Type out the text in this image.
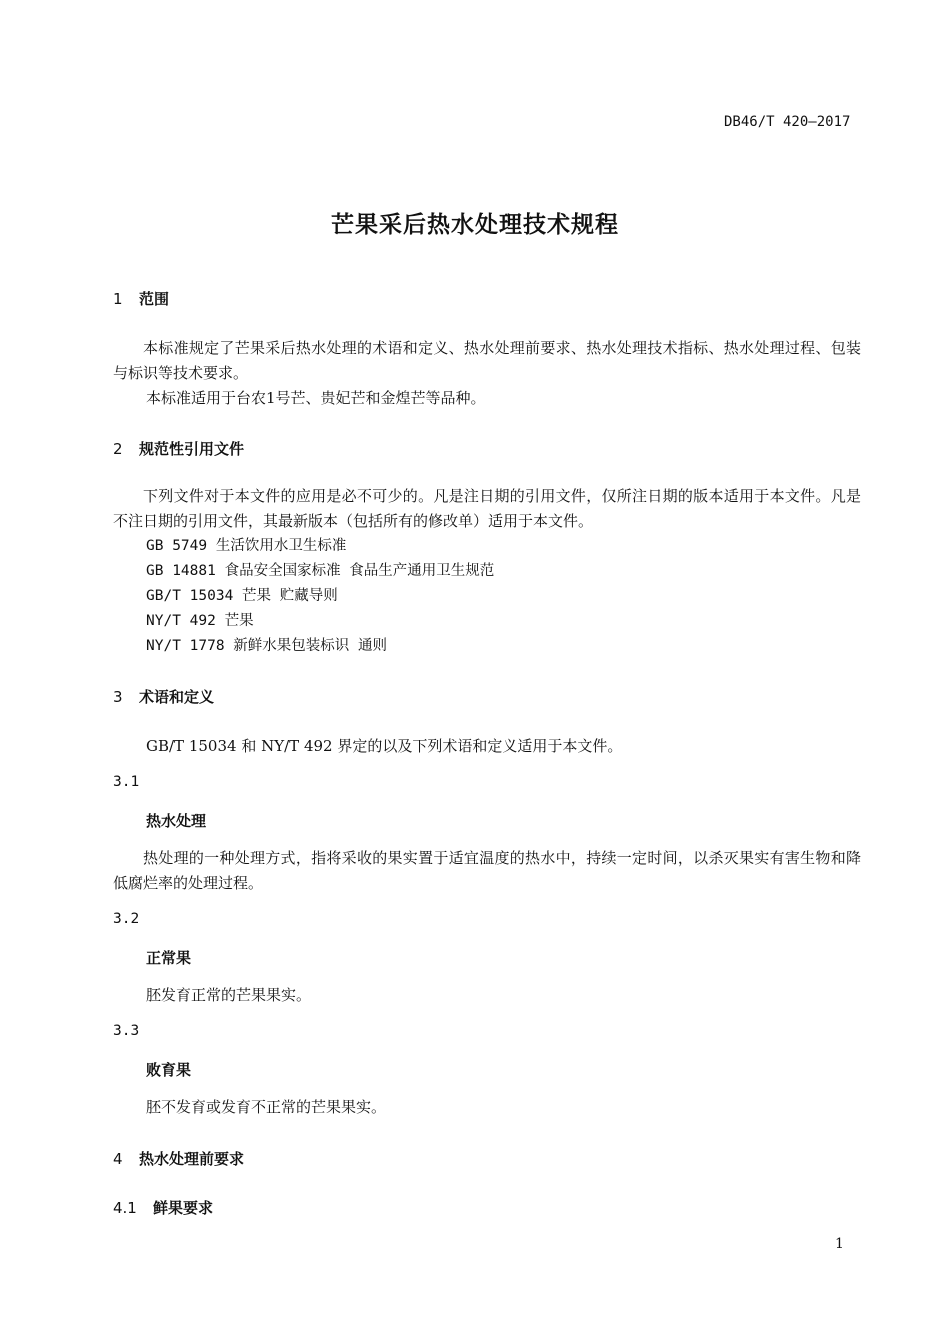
DB46/T 420—2017
芒果采后热水处理技术规程
1 范围
本标准规定了芒果采后热水处理的术语和定义、热水处理前要求、热水处理技术指标、热水处理过程、包装与标识等技术要求。
本标准适用于台农1号芒、贵妃芒和金煌芒等品种。
2 规范性引用文件
下列文件对于本文件的应用是必不可少的。凡是注日期的引用文件，仅所注日期的版本适用于本文件。凡是不注日期的引用文件，其最新版本（包括所有的修改单）适用于本文件。
GB 5749 生活饮用水卫生标准
GB 14881 食品安全国家标准 食品生产通用卫生规范
GB/T 15034 芒果 贮藏导则
NY/T 492 芒果
NY/T 1778 新鲜水果包装标识 通则
3 术语和定义
GB/T 15034 和 NY/T 492 界定的以及下列术语和定义适用于本文件。
3.1
热水处理
热处理的一种处理方式，指将采收的果实置于适宜温度的热水中，持续一定时间，以杀灭果实有害生物和降低腐烂率的处理过程。
3.2
正常果
胚发育正常的芒果果实。
3.3
败育果
胚不发育或发育不正常的芒果果实。
4 热水处理前要求
4.1 鲜果要求
1
